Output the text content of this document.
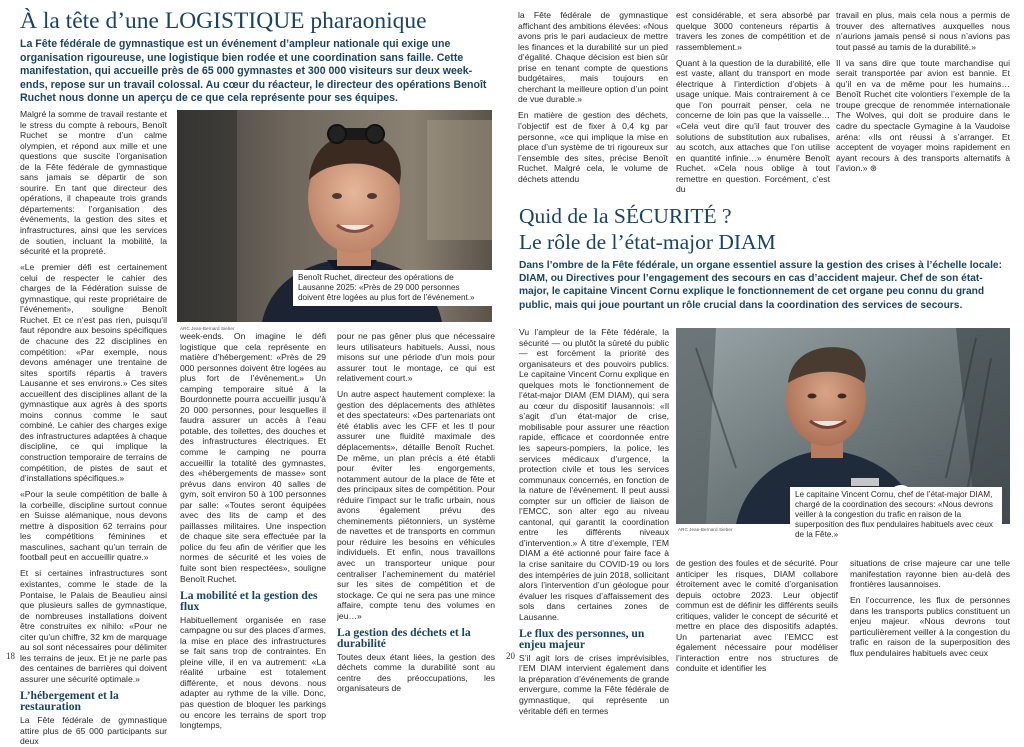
À la tête d’une LOGISTIQUE pharaonique
La Fête fédérale de gymnastique est un événement d’ampleur nationale qui exige une organisation rigoureuse, une logistique bien rodée et une coordination sans faille. Cette manifestation, qui accueille près de 65 000 gymnastes et 300 000 visiteurs sur deux week-ends, repose sur un travail colossal. Au cœur du réacteur, le directeur des opérations Benoît Ruchet nous donne un aperçu de ce que cela représente pour ses équipes.

Malgré la somme de travail restante et le stress du compte à rebours, Benoît Ruchet se montre d’un calme olympien, et répond aux mille et une questions que suscite l’organisation de la Fête fédérale de gymnastique sans jamais se départir de son sourire. En tant que directeur des opérations, il chapeaute trois grands départements: l’organisation des événements, la gestion des sites et infrastructures, ainsi que les services de soutien, incluant la mobilité, la sécurité et la propreté.

«Le premier défi est certainement celui de respecter le cahier des charges de la Fédération suisse de gymnastique, qui reste propriétaire de l’événement», souligne Benoît Ruchet. Et ce n’est pas rien, puisqu’il faut répondre aux besoins spécifiques de chacune des 22 disciplines en compétition: «Par exemple, nous devons aménager une trentaine de sites sportifs répartis à travers Lausanne et ses environs.» Ces sites accueillent des disciplines allant de la gymnastique aux agrès à des sports moins connus comme le saut combiné. Le cahier des charges exige des infrastructures adaptées à chaque discipline, ce qui implique la construction temporaire de terrains de compétition, de pistes de saut et d’installations spécifiques.»

«Pour la seule compétition de balle à la corbeille, discipline surtout connue en Suisse alémanique, nous devons mettre à disposition 62 terrains pour les compétitions féminines et masculines, sachant qu’un terrain de football peut en accueillir quatre.»

Et si certaines infrastructures sont existantes, comme le stade de la Pontaise, le Palais de Beaulieu ainsi que plusieurs salles de gymnastique, de nombreuses installations doivent être construites ex nihilo: «Pour ne citer qu’un chiffre, 32 km de marquage au sol sont nécessaires pour délimiter les terrains de jeux. Et je ne parle pas des centaines de barrières qui doivent assurer une sécurité optimale.»

L’hébergement et la restauration

La Fête fédérale de gymnastique attire plus de 65 000 participants sur deux

ARC Jean-Bernard Sieber
Benoît Ruchet, directeur des opérations de Lausanne 2025: «Près de 29 000 personnes doivent être logées au plus fort de l’événement.»

week-ends. On imagine le défi logistique que cela représente en matière d’hébergement: «Près de 29 000 personnes doivent être logées au plus fort de l’événement.» Un camping temporaire situé à la Bourdonnette pourra accueillir jusqu’à 20 000 personnes, pour lesquelles il faudra assurer un accès à l’eau potable, des toilettes, des douches et des infrastructures électriques. Et comme le camping ne pourra accueillir la totalité des gymnastes, des «hébergements de masse» sont prévus dans environ 40 salles de gym, soit environ 50 à 100 personnes par salle: «Toutes seront équipées avec des lits de camp et des paillasses militaires. Une inspection de chaque site sera effectuée par la police du feu afin de vérifier que les normes de sécurité et les voies de fuite sont bien respectées», souligne Benoît Ruchet.

La mobilité et la gestion des flux

Habituellement organisée en rase campagne ou sur des places d’armes, la mise en place des infrastructures se fait sans trop de contraintes. En pleine ville, il en va autrement: «La réalité urbaine est totalement différente, et nous devons nous adapter au rythme de la ville. Donc, pas question de bloquer les parkings ou encore les terrains de sport trop longtemps,

pour ne pas gêner plus que nécessaire leurs utilisateurs habituels. Aussi, nous misons sur une période d’un mois pour assurer tout le montage, ce qui est relativement court.»

Un autre aspect hautement complexe: la gestion des déplacements des athlètes et des spectateurs: «Des partenariats ont été établis avec les CFF et les tl pour assurer une fluidité maximale des déplacements», détaille Benoît Ruchet. De même, un plan précis a été établi pour éviter les engorgements, notamment autour de la place de fête et des principaux sites de compétition. Pour réduire l’impact sur le trafic urbain, nous avons également prévu des cheminements piétonniers, un système de navettes et de transports en commun pour réduire les besoins en véhicules individuels. Et enfin, nous travaillons avec un transporteur unique pour centraliser l’acheminement du matériel sur les sites de compétition et de stockage. Ce qui ne sera pas une mince affaire, compte tenu des volumes en jeu…»

La gestion des déchets et la durabilité

Toutes deux étant liées, la gestion des déchets comme la durabilité sont au centre des préoccupations, les organisateurs de

18

la Fête fédérale de gymnastique affichant des ambitions élevées: «Nous avons pris le pari audacieux de mettre les finances et la durabilité sur un pied d’égalité. Chaque décision est bien sûr prise en tenant compte de questions budgétaires, mais toujours en cherchant la meilleure option d’un point de vue durable.»

En matière de gestion des déchets, l’objectif est de fixer à 0,4 kg par personne, «ce qui implique la mise en place d’un système de tri rigoureux sur l’ensemble des sites, précise Benoît Ruchet. Malgré cela, le volume de déchets attendu

est considérable, et sera absorbé par quelque 3000 conteneurs répartis à travers les zones de compétition et de rassemblement.»

Quant à la question de la durabilité, elle est vaste, allant du transport en mode électrique à l’interdiction d’objets à usage unique. Mais contrairement à ce que l’on pourrait penser, cela ne concerne de loin pas que la vaisselle… «Cela veut dire qu’il faut trouver des solutions de substitution aux rubalises, au scotch, aux attaches que l’on utilise en quantité infinie…» énumère Benoît Ruchet. «Cela nous oblige à tout remettre en question. Forcément, c’est du

travail en plus, mais cela nous a permis de trouver des alternatives auxquelles nous n’aurions jamais pensé si nous n’avions pas tout passé au tamis de la durabilité.»

Il va sans dire que toute marchandise qui serait transportée par avion est bannie. Et qu’il en va de même pour les humains… Benoît Ruchet cite volontiers l’exemple de la troupe grecque de renommée internationale The Wolves, qui doit se produire dans le cadre du spectacle Gymagine à la Vaudoise aréna: «Ils ont réussi à s’arranger. Et acceptent de voyager moins rapidement en ayant recours à des transports alternatifs à l’avion.» ⊛

Quid de la SÉCURITÉ ?
Le rôle de l’état-major DIAM
Dans l’ombre de la Fête fédérale, un organe essentiel assure la gestion des crises à l’échelle locale: DIAM, ou Directives pour l’engagement des secours en cas d’accident majeur. Chef de son état-major, le capitaine Vincent Cornu explique le fonctionnement de cet organe peu connu du grand public, mais qui joue pourtant un rôle crucial dans la coordination des services de secours.

Vu l’ampleur de la Fête fédérale, la sécurité — ou plutôt la sûreté du public — est forcément la priorité des organisateurs et des pouvoirs publics. Le capitaine Vincent Cornu explique en quelques mots le fonctionnement de l’état-major DIAM (EM DIAM), qui sera au cœur du dispositif lausannois: «Il s’agit d’un état-major de crise, mobilisable pour assurer une réaction rapide, efficace et coordonnée entre les sapeurs-pompiers, la police, les services médicaux d’urgence, la protection civile et tous les services communaux concernés, en fonction de la nature de l’événement. Il peut aussi compter sur un officier de liaison de l’EMCC, son alter ego au niveau cantonal, qui garantit la coordination entre les différents niveaux d’intervention.» À titre d’exemple, l’EM DIAM a été actionné pour faire face à la crise sanitaire du COVID-19 ou lors des intempéries de juin 2018, sollicitant alors l’intervention d’un géologue pour évaluer les risques d’affaissement des sols dans certaines zones de Lausanne.

Le flux des personnes, un enjeu majeur

S’il agit lors de crises imprévisibles, l’EM DIAM intervient également dans la préparation d’événements de grande envergure, comme la Fête fédérale de gymnastique, qui représente un véritable défi en termes

ARC Jean-Bernard Sieber
Le capitaine Vincent Cornu, chef de l’état-major DIAM, chargé de la coordination des secours: «Nous devrons veiller à la congestion du trafic en raison de la superposition des flux pendulaires habituels avec ceux de la Fête.»

de gestion des foules et de sécurité. Pour anticiper les risques, DIAM collabore étroitement avec le comité d’organisation depuis octobre 2023. Leur objectif commun est de définir les différents seuils critiques, valider le concept de sécurité et mettre en place des dispositifs adaptés. Un partenariat avec l’EMCC est également nécessaire pour modéliser l’interaction entre nos structures de conduite et identifier les

situations de crise majeure car une telle manifestation rayonne bien au-delà des frontières lausannoises.

En l’occurrence, les flux de personnes dans les transports publics constituent un enjeu majeur. «Nous devrons tout particulièrement veiller à la congestion du trafic en raison de la superposition des flux pendulaires habituels avec ceux

20
